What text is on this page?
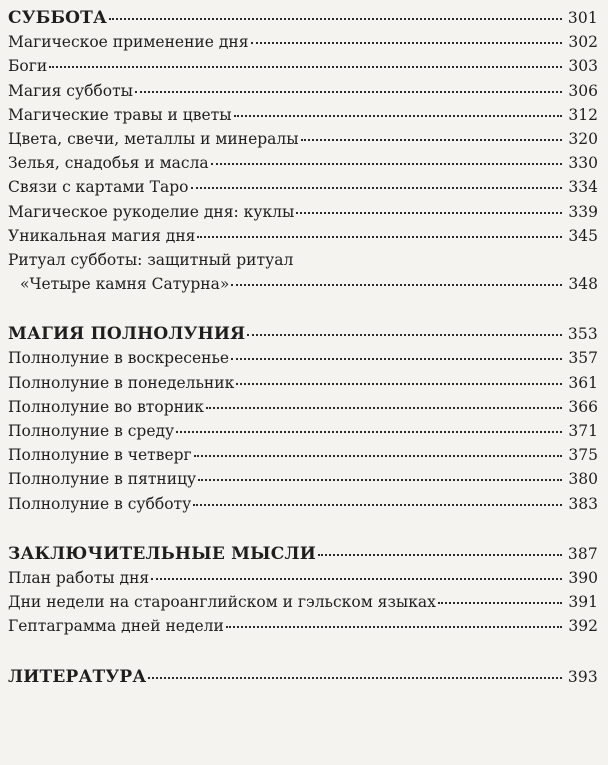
СУББОТА	301
Магическое применение дня	302
Боги	303
Магия субботы	306
Магические травы и цветы	312
Цвета, свечи, металлы и минералы	320
Зелья, снадобья и масла	330
Связи с картами Таро	334
Магическое рукоделие дня: куклы	339
Уникальная магия дня	345
Ритуал субботы: защитный ритуал
«Четыре камня Сатурна»	348
МАГИЯ ПОЛНОЛУНИЯ	353
Полнолуние в воскресенье	357
Полнолуние в понедельник	361
Полнолуние во вторник	366
Полнолуние в среду	371
Полнолуние в четверг	375
Полнолуние в пятницу	380
Полнолуние в субботу	383
ЗАКЛЮЧИТЕЛЬНЫЕ МЫСЛИ	387
План работы дня	390
Дни недели на староанглийском и гэльском языках	391
Гептаграмма дней недели	392
ЛИТЕРАТУРА	393
